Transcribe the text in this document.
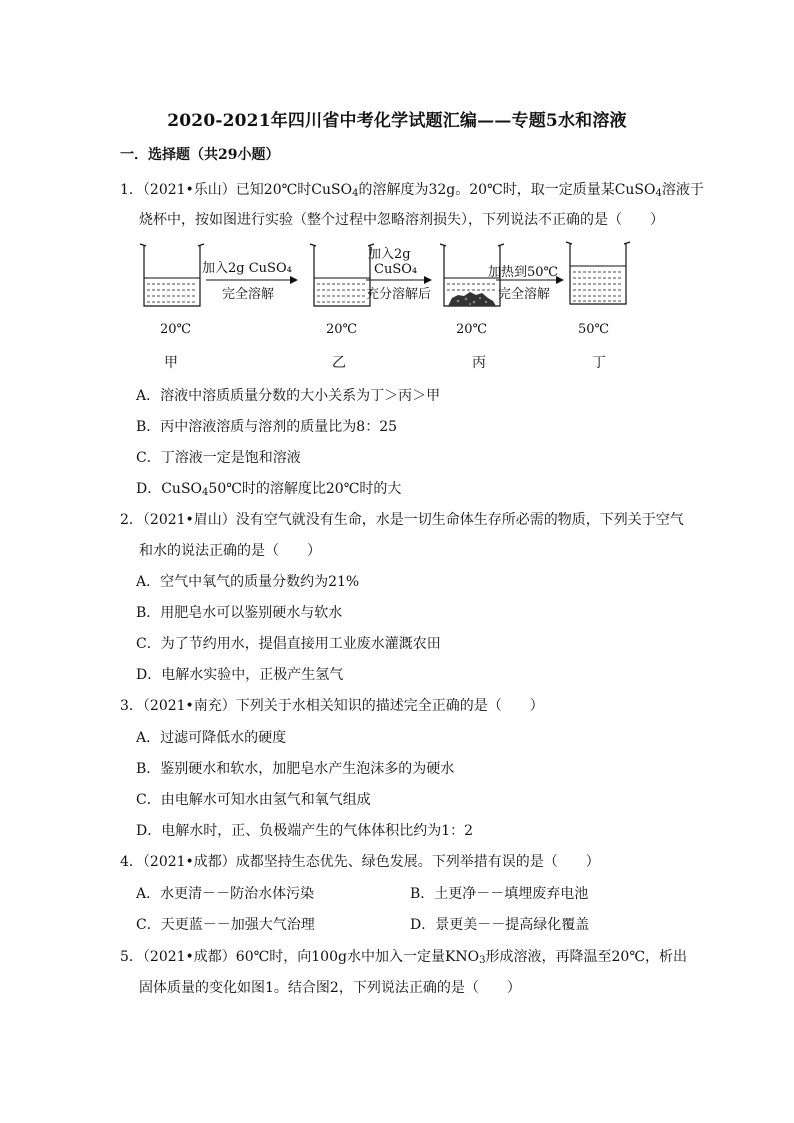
2020-2021年四川省中考化学试题汇编——专题5水和溶液
一．选择题（共29小题）
1．（2021•乐山）已知20℃时CuSO$_4$的溶解度为32g。20℃时，取一定质量某CuSO$_4$溶液于
烧杯中，按如图进行实验（整个过程中忽略溶剂损失），下列说法不正确的是（　　）
加入2g CuSO₄
完全溶解
加入2g
CuSO₄
充分溶解后
加热到50℃
完全溶解
20℃	20℃	20℃	50℃
甲	乙	丙	丁
A．溶液中溶质质量分数的大小关系为丁＞丙＞甲
B．丙中溶液溶质与溶剂的质量比为8：25
C．丁溶液一定是饱和溶液
D．CuSO$_4$50℃时的溶解度比20℃时的大
2．（2021•眉山）没有空气就没有生命，水是一切生命体生存所必需的物质，下列关于空气
和水的说法正确的是（　　）
A．空气中氧气的质量分数约为21%
B．用肥皂水可以鉴别硬水与软水
C．为了节约用水，提倡直接用工业废水灌溉农田
D．电解水实验中，正极产生氢气
3．（2021•南充）下列关于水相关知识的描述完全正确的是（　　）
A．过滤可降低水的硬度
B．鉴别硬水和软水，加肥皂水产生泡沫多的为硬水
C．由电解水可知水由氢气和氧气组成
D．电解水时，正、负极端产生的气体体积比约为1：2
4．（2021•成都）成都坚持生态优先、绿色发展。下列举措有误的是（　　）
A．水更清－－防治水体污染	B．土更净－－填埋废弃电池
C．天更蓝－－加强大气治理	D．景更美－－提高绿化覆盖
5．（2021•成都）60℃时，向100g水中加入一定量$KNO_3$形成溶液，再降温至20℃，析出
固体质量的变化如图1。结合图2，下列说法正确的是（　　）
